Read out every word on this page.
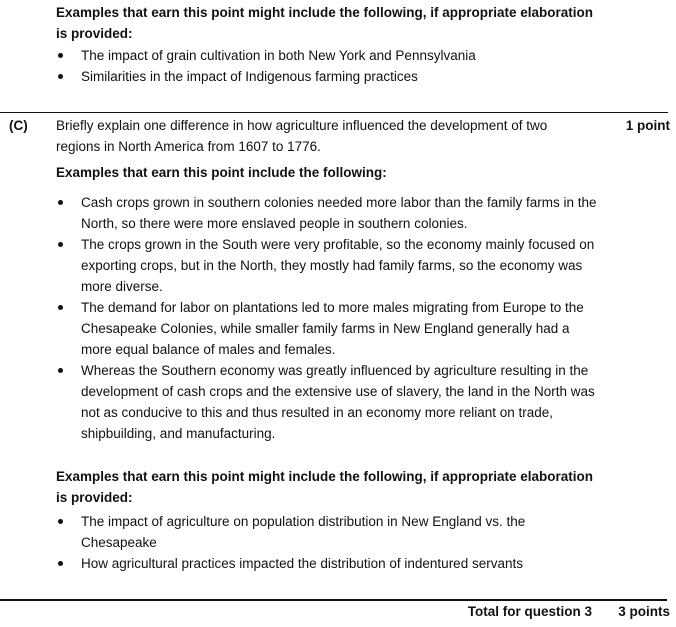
Examples that earn this point might include the following, if appropriate elaboration is provided:
The impact of grain cultivation in both New York and Pennsylvania
Similarities in the impact of Indigenous farming practices
(C) Briefly explain one difference in how agriculture influenced the development of two regions in North America from 1607 to 1776.
1 point
Examples that earn this point include the following:
Cash crops grown in southern colonies needed more labor than the family farms in the North, so there were more enslaved people in southern colonies.
The crops grown in the South were very profitable, so the economy mainly focused on exporting crops, but in the North, they mostly had family farms, so the economy was more diverse.
The demand for labor on plantations led to more males migrating from Europe to the Chesapeake Colonies, while smaller family farms in New England generally had a more equal balance of males and females.
Whereas the Southern economy was greatly influenced by agriculture resulting in the development of cash crops and the extensive use of slavery, the land in the North was not as conducive to this and thus resulted in an economy more reliant on trade, shipbuilding, and manufacturing.
Examples that earn this point might include the following, if appropriate elaboration is provided:
The impact of agriculture on population distribution in New England vs. the Chesapeake
How agricultural practices impacted the distribution of indentured servants
Total for question 3	3 points
